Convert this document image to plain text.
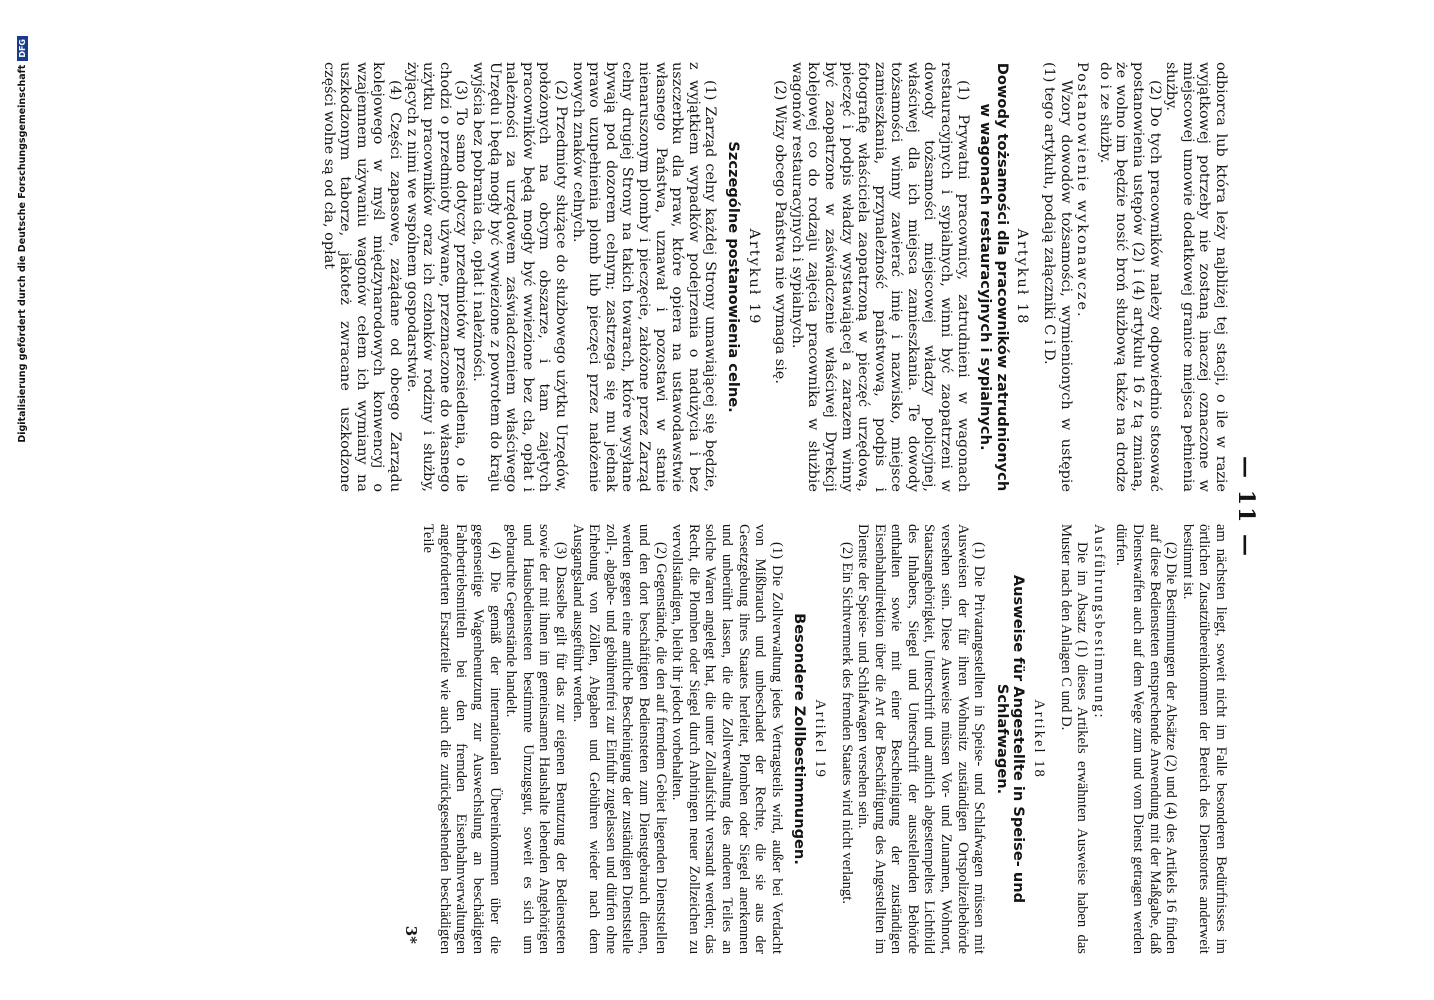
— 11 —

odbiorca lub która leży najbliżej tej stacji, o ile w razie wyjątkowej potrzeby nie zostaną inaczej oznaczone w miejscowej umowie dodatkowej granice miejsca pełnienia służby.

(2) Do tych pracowników należy odpowiednio stosować postanowienia ustępów (2) i (4) artykułu 16 z tą zmianą, że wolno im będzie nosić broń służbową także na drodze do i ze służby.

Postanowienie wykonawcze.

Wzory dowodów tożsamości, wymienionych w ustępie (1) tego artykułu, podają załączniki C i D.

Artykuł 18
Dowody tożsamości dla pracowników zatrudnionych w wagonach restauracyjnych i sypialnych.

(1) Prywatni pracownicy, zatrudnieni w wagonach restauracyjnych i sypialnych, winni być zaopatrzeni w dowody tożsamości miejscowej władzy policyjnej, właściwej dla ich miejsca zamieszkania. Te dowody tożsamości winny zawierać imię i nazwisko, miejsce zamieszkania, przynależność państwową, podpis i fotografię właściciela zaopatrzoną w pieczęć urzędową, pieczęć i podpis władzy wystawiającej a zarazem winny być zaopatrzone w zaświadczenie właściwej Dyrekcji kolejowej co do rodzaju zajęcia pracownika w służbie wagonów restauracyjnych i sypialnych.

(2) Wizy obcego Państwa nie wymaga się.

Artykuł 19
Szczególne postanowienia celne.

(1) Zarząd celny każdej Strony umawiającej się będzie, z wyjątkiem wypadków podejrzenia o nadużycia i bez uszczerbku dla praw, które opiera na ustawodawstwie własnego Państwa, uznawał i pozostawi w stanie nienaruszonym plomby i pieczęcie, założone przez Zarząd celny drugiej Strony na takich towarach, które wysyłane bywają pod dozorem celnym; zastrzega się mu jednak prawo uzupełnienia plomb lub pieczęci przez nałożenie nowych znaków celnych.

(2) Przedmioty służące do służbowego użytku Urzędów, położonych na obcym obszarze, i tam zajętych pracowników będą mogły być wwiezione bez cła, opłat i należności za urzędowem zaświadczeniem właściwego Urzędu i będą mogły być wywiezione z powrotem do kraju wyjścia bez pobrania cła, opłat i należności.

(3) To samo dotyczy przedmiotów przesiedlenia, o ile chodzi o przedmioty używane, przeznaczone do własnego użytku pracowników oraz ich członków rodziny i służby, żyjących z nimi we wspólnem gospodarstwie.

(4) Części zapasowe, zażądane od obcego Zarządu kolejowego w myśl międzynarodowych konwencyj o wzajemnem używaniu wagonów celem ich wymiany na uszkodzonym taborze, jakoteż zwracane uszkodzone części wolne są od cła, opłat

am nächsten liegt, soweit nicht im Falle besonderen Bedürfnisses im örtlichen Zusatzübereinkommen der Bereich des Dienstortes anderweit bestimmt ist.

(2) Die Bestimmungen der Absätze (2) und (4) des Artikels 16 finden auf diese Bediensteten entsprechende Anwendung mit der Maßgabe, daß Dienstwaffen auch auf dem Wege zum und vom Dienst getragen werden dürfen.

Ausführungsbestimmung:

Die im Absatz (1) dieses Artikels erwähnten Ausweise haben das Muster nach den Anlagen C und D.

Artikel 18
Ausweise für Angestellte in Speise- und Schlafwagen.

(1) Die Privatangestellten in Speise- und Schlafwagen müssen mit Ausweisen der für ihren Wohnsitz zuständigen Ortspolizeibehörde versehen sein. Diese Ausweise müssen Vor- und Zunamen, Wohnort, Staatsangehörigkeit, Unterschrift und amtlich abgestempeltes Lichtbild des Inhabers, Siegel und Unterschrift der ausstellenden Behörde enthalten sowie mit einer Bescheinigung der zuständigen Eisenbahndirektion über die Art der Beschäftigung des Angestellten im Dienste der Speise- und Schlafwagen versehen sein.

(2) Ein Sichtvermerk des fremden Staates wird nicht verlangt.

Artikel 19
Besondere Zollbestimmungen.

(1) Die Zollverwaltung jedes Vertragsteils wird, außer bei Verdacht von Mißbrauch und unbeschadet der Rechte, die sie aus der Gesetzgebung ihres Staates herleitet, Plomben oder Siegel anerkennen und unberührt lassen, die die Zollverwaltung des anderen Teiles an solche Waren angelegt hat, die unter Zollaufsicht versandt werden; das Recht, die Plomben oder Siegel durch Anbringen neuer Zollzeichen zu vervollständigen, bleibt ihr jedoch vorbehalten.

(2) Gegenstände, die den auf fremdem Gebiet liegenden Dienststellen und den dort beschäftigten Bediensteten zum Dienstgebrauch dienen, werden gegen eine amtliche Bescheinigung der zuständigen Dienststelle zoll-, abgabe- und gebührenfrei zur Einfuhr zugelassen und dürfen ohne Erhebung von Zöllen, Abgaben und Gebühren wieder nach dem Ausgangsland ausgeführt werden.

(3) Dasselbe gilt für das zur eigenen Benutzung der Bediensteten sowie der mit ihnen im gemeinsamen Haushalte lebenden Angehörigen und Hausbediensteten bestimmte Umzugsgut, soweit es sich um gebrauchte Gegenstände handelt.

(4) Die gemäß der internationalen Übereinkommen über die gegenseitige Wagenbenutzung zur Auswechslung an beschädigten Fahrbetriebsmitteln bei den fremden Eisenbahnverwaltungen angeforderten Ersatzteile wie auch die zurückgesehenden beschädigten Teile

3*
Digitalisierung gefördert durch die Deutsche Forschungsgemeinschaft
DFG
